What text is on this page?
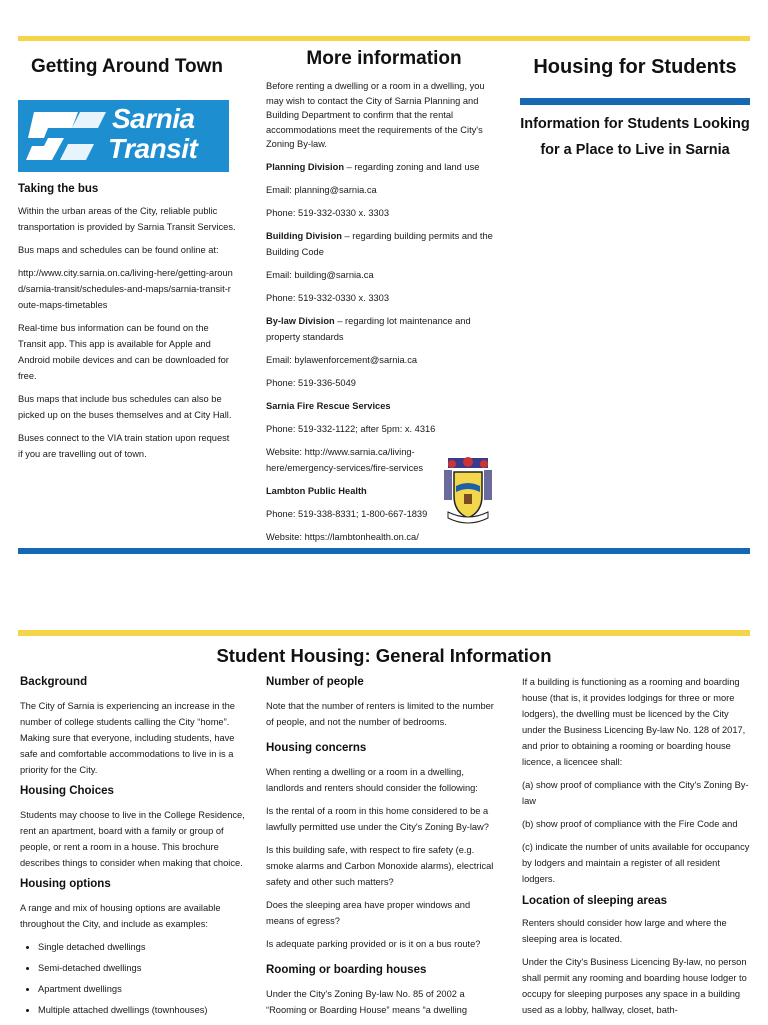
Getting Around Town
Sarnia
Transit
Taking the bus

Within the urban areas of the City, reliable public transportation is provided by Sarnia Transit Services.

Bus maps and schedules can be found online at:

http://www.city.sarnia.on.ca/living-here/getting-around/sarnia-transit/schedules-and-maps/sarnia-transit-route-maps-timetables

Real-time bus information can be found on the Transit app. This app is available for Apple and Android mobile devices and can be downloaded for free.

Bus maps that include bus schedules can also be picked up on the buses themselves and at City Hall.

Buses connect to the VIA train station upon request if you are travelling out of town.

More information

Before renting a dwelling or a room in a dwelling, you may wish to contact the City of Sarnia Planning and Building Department to confirm that the rental accommodations meet the requirements of the City's Zoning By-law.

Planning Division – regarding zoning and land use

Email: planning@sarnia.ca

Phone: 519-332-0330 x. 3303

Building Division – regarding building permits and the Building Code

Email: building@sarnia.ca

Phone: 519-332-0330 x. 3303

By-law Division – regarding lot maintenance and property standards

Email: bylawenforcement@sarnia.ca

Phone: 519-336-5049

Sarnia Fire Rescue Services

Phone: 519-332-1122; after 5pm: x. 4316

Website: http://www.sarnia.ca/living-here/emergency-services/fire-services

Lambton Public Health

Phone: 519-338-8331; 1-800-667-1839

Website: https://lambtonhealth.on.ca/

Housing for Students
Information for Students Looking for a Place to Live in Sarnia
Student Housing: General Information
Background

The City of Sarnia is experiencing an increase in the number of college students calling the City “home”. Making sure that everyone, including students, have safe and comfortable accommodations to live in is a priority for the City.

Housing Choices

Students may choose to live in the College Residence, rent an apartment, board with a family or group of people, or rent a room in a house. This brochure describes things to consider when making that choice.

Housing options

A range and mix of housing options are available throughout the City, and include as examples:

• Single detached dwellings
• Semi-detached dwellings
• Apartment dwellings
• Multiple attached dwellings (townhouses)
Number of people

Note that the number of renters is limited to the number of people, and not the number of bedrooms.

Housing concerns

When renting a dwelling or a room in a dwelling, landlords and renters should consider the following:

Is the rental of a room in this home considered to be a lawfully permitted use under the City's Zoning By-law?

Is this building safe, with respect to fire safety (e.g. smoke alarms and Carbon Monoxide alarms), electrical safety and other such matters?

Does the sleeping area have proper windows and means of egress?

Is adequate parking provided or is it on a bus route?

Rooming or boarding houses

Under the City's Zoning By-law No. 85 of 2002 a “Rooming or Boarding House” means “a dwelling

If a building is functioning as a rooming and boarding house (that is, it provides lodgings for three or more lodgers), the dwelling must be licenced by the City under the Business Licencing By-law No. 128 of 2017, and prior to obtaining a rooming or boarding house licence, a licencee shall:

(a) show proof of compliance with the City's Zoning By-law

(b) show proof of compliance with the Fire Code and

(c) indicate the number of units available for occupancy by lodgers and maintain a register of all resident lodgers.

Location of sleeping areas

Renters should consider how large and where the sleeping area is located.

Under the City's Business Licencing By-law, no person shall permit any rooming and boarding house lodger to occupy for sleeping purposes any space in a building used as a lobby, hallway, closet, bath-
